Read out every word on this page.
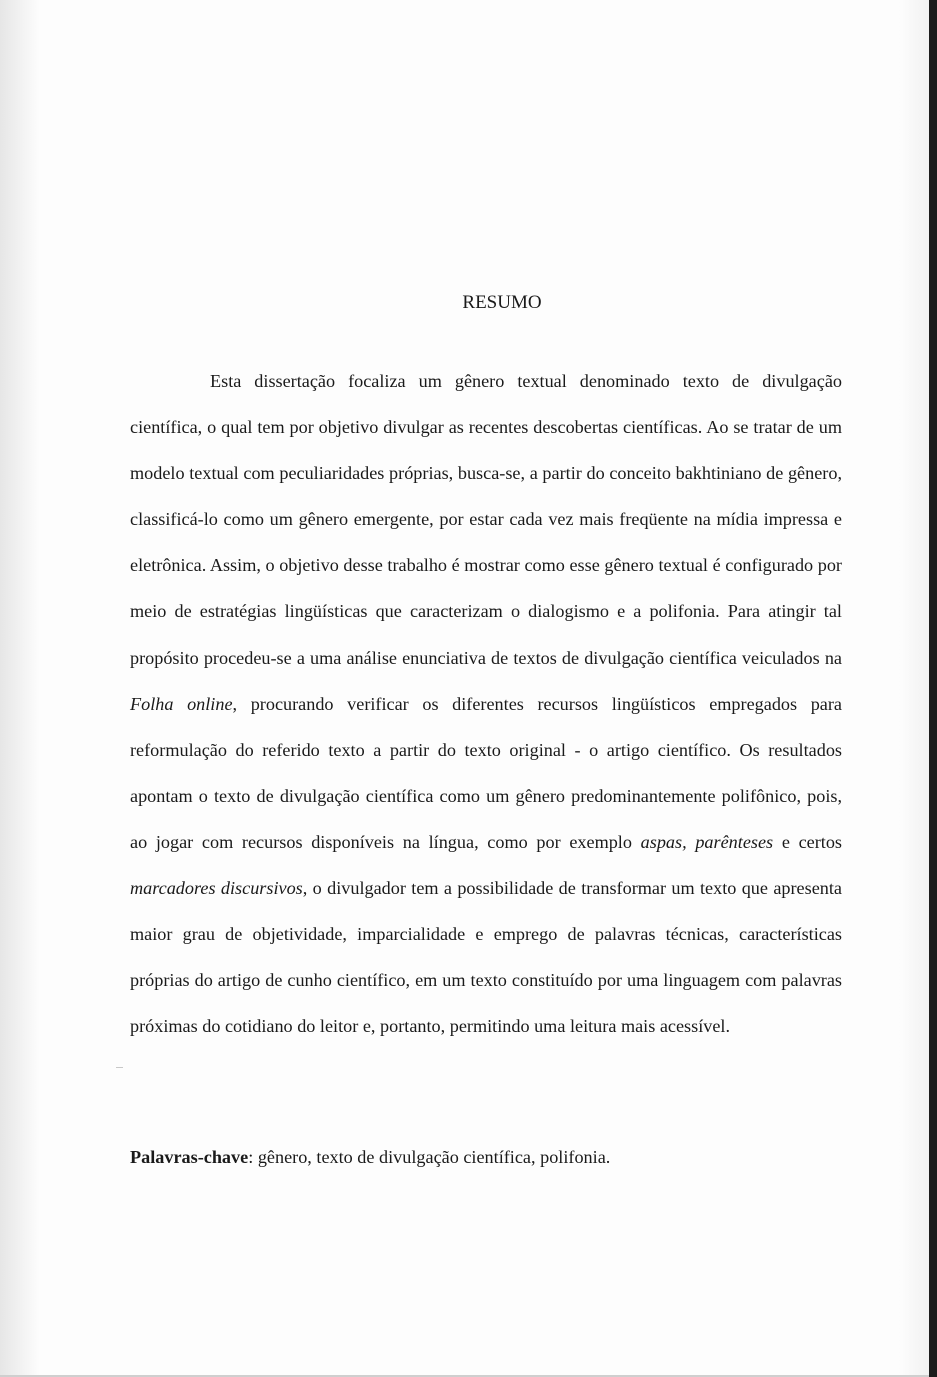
RESUMO

Esta dissertação focaliza um gênero textual denominado texto de divulgação científica, o qual tem por objetivo divulgar as recentes descobertas científicas. Ao se tratar de um modelo textual com peculiaridades próprias, busca-se, a partir do conceito bakhtiniano de gênero, classificá-lo como um gênero emergente, por estar cada vez mais freqüente na mídia impressa e eletrônica. Assim, o objetivo desse trabalho é mostrar como esse gênero textual é configurado por meio de estratégias lingüísticas que caracterizam o dialogismo e a polifonia. Para atingir tal propósito procedeu-se a uma análise enunciativa de textos de divulgação científica veiculados na Folha online, procurando verificar os diferentes recursos lingüísticos empregados para reformulação do referido texto a partir do texto original - o artigo científico. Os resultados apontam o texto de divulgação científica como um gênero predominantemente polifônico, pois, ao jogar com recursos disponíveis na língua, como por exemplo aspas, parênteses e certos marcadores discursivos, o divulgador tem a possibilidade de transformar um texto que apresenta maior grau de objetividade, imparcialidade e emprego de palavras técnicas, características próprias do artigo de cunho científico, em um texto constituído por uma linguagem com palavras próximas do cotidiano do leitor e, portanto, permitindo uma leitura mais acessível.

Palavras-chave: gênero, texto de divulgação científica, polifonia.
